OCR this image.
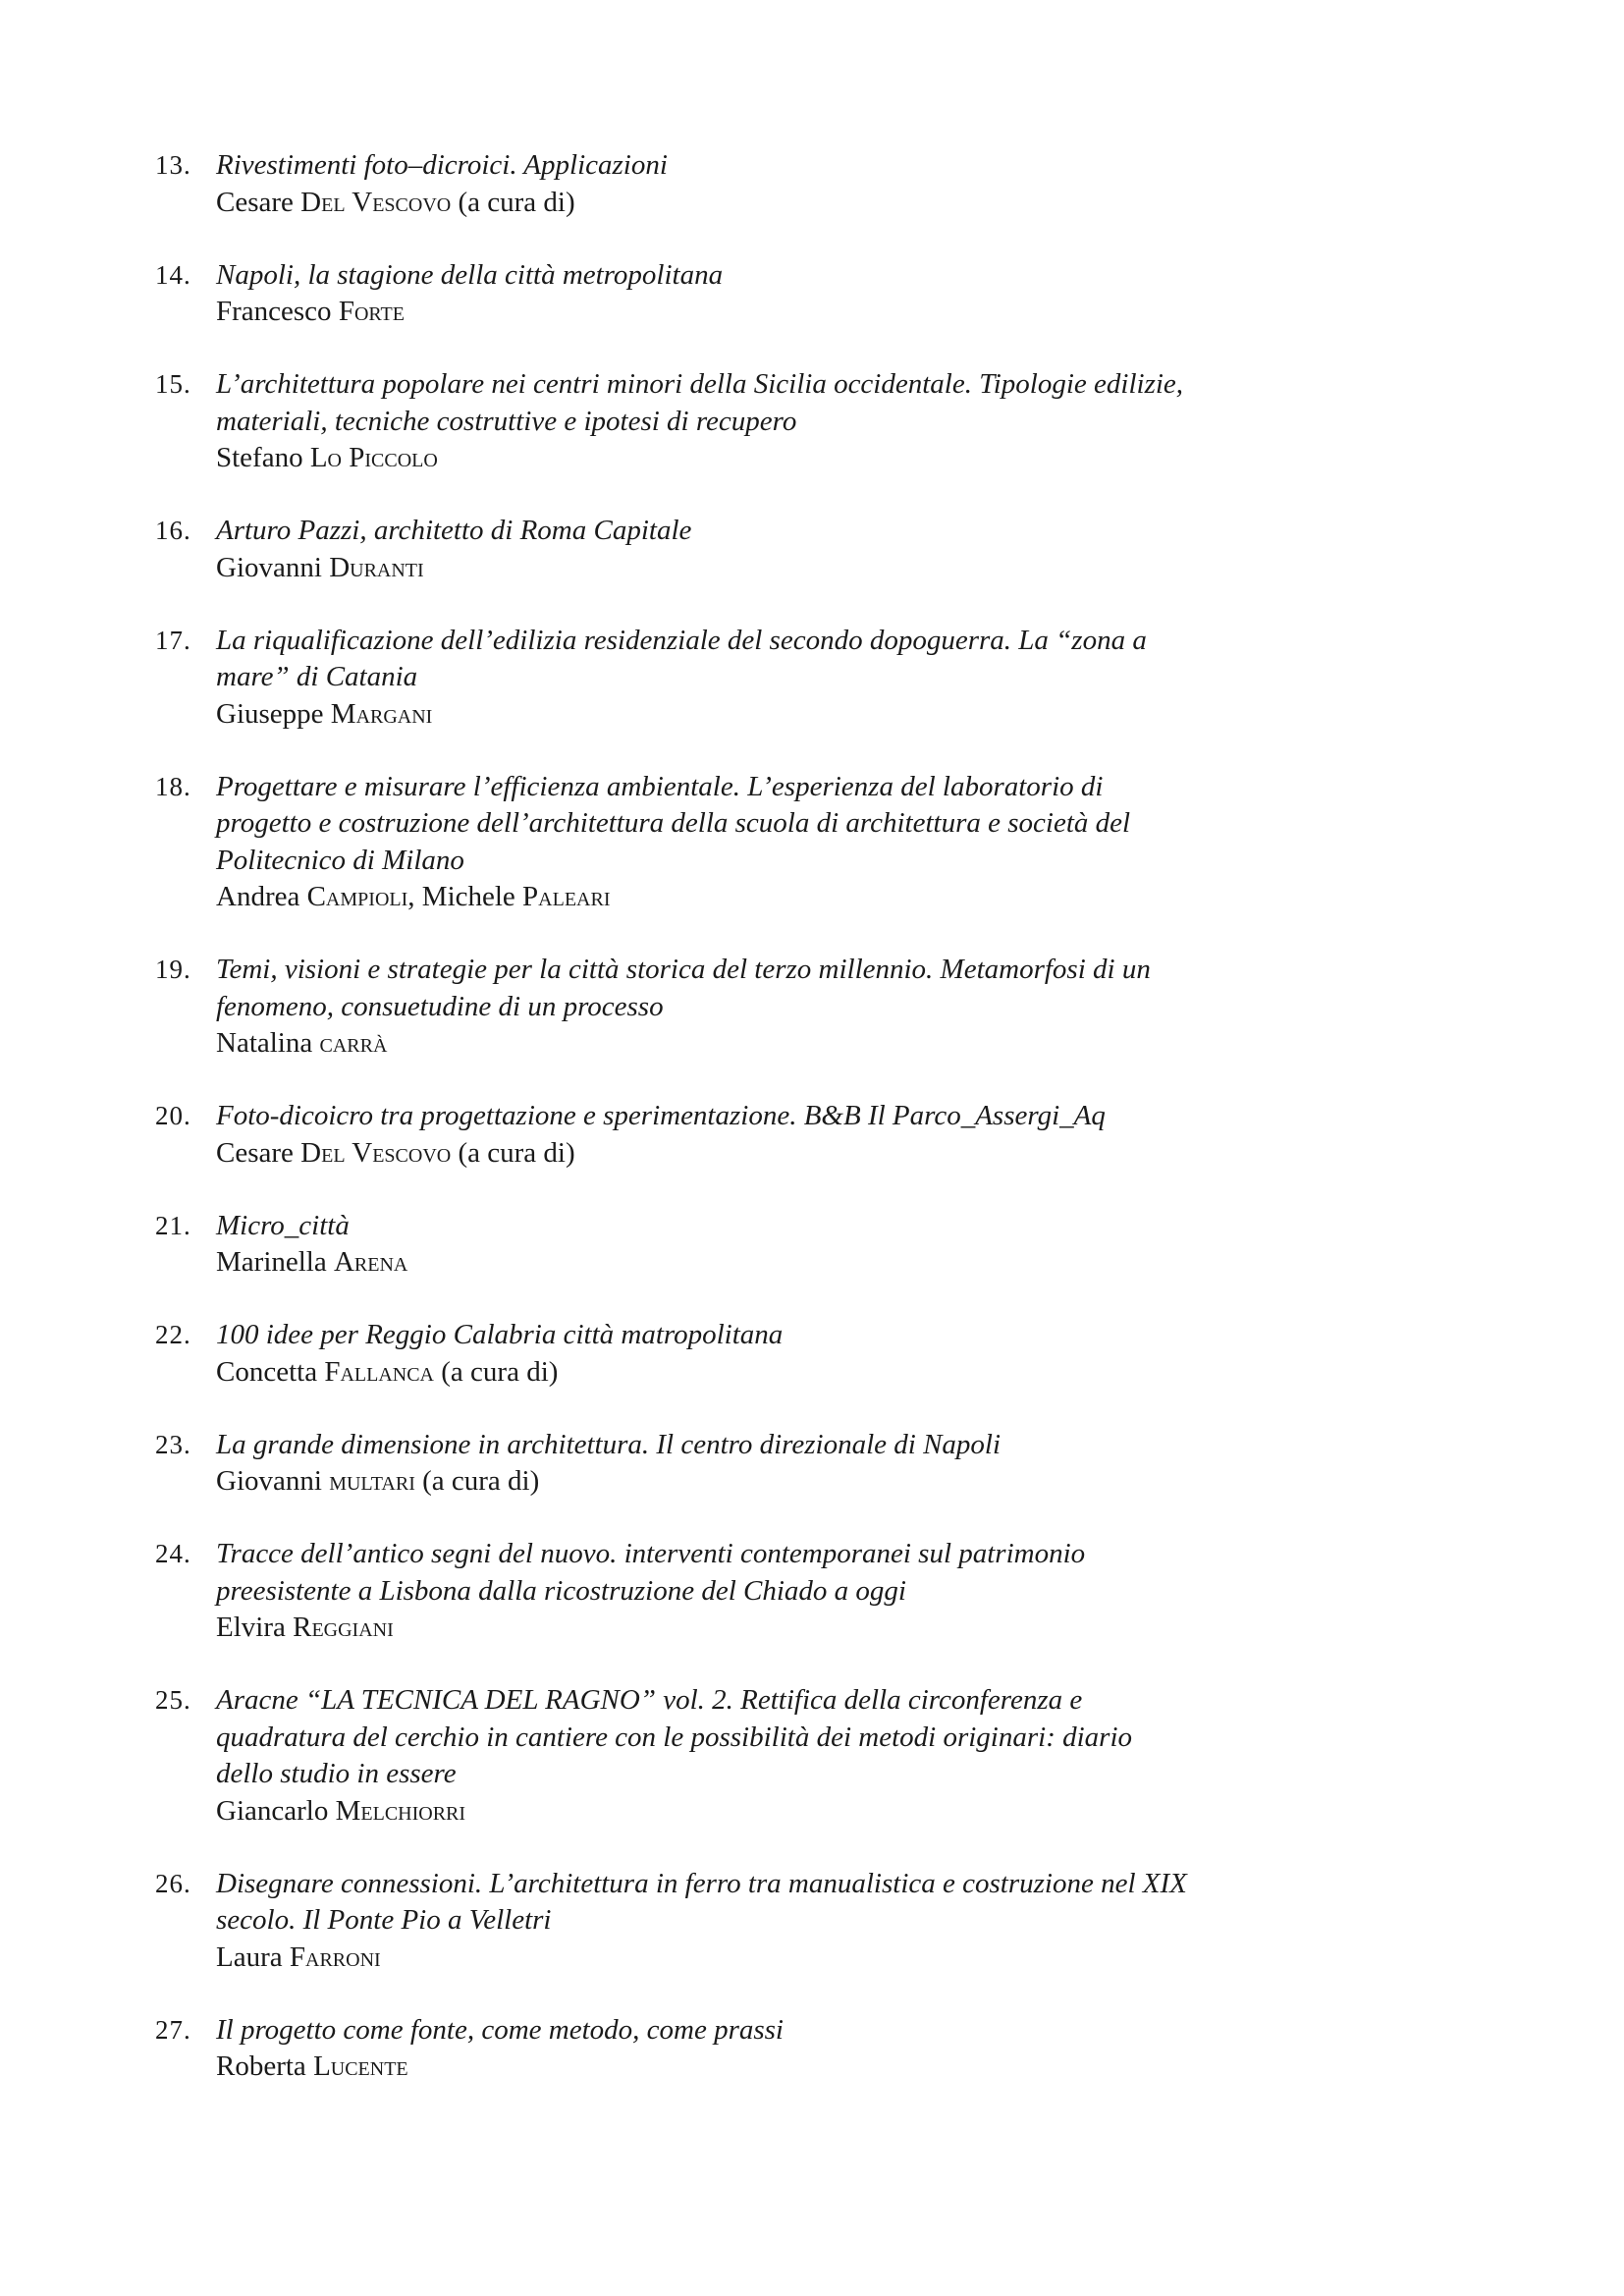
13. Rivestimenti foto–dicroici. Applicazioni
Cesare Del Vescovo (a cura di)
14. Napoli, la stagione della città metropolitana
Francesco Forte
15. L’architettura popolare nei centri minori della Sicilia occidentale. Tipologie edilizie, materiali, tecniche costruttive e ipotesi di recupero
Stefano Lo Piccolo
16. Arturo Pazzi, architetto di Roma Capitale
Giovanni Duranti
17. La riqualificazione dell’edilizia residenziale del secondo dopoguerra. La “zona a mare” di Catania
Giuseppe Margani
18. Progettare e misurare l’efficienza ambientale. L’esperienza del laboratorio di progetto e costruzione dell’architettura della scuola di architettura e società del Politecnico di Milano
Andrea Campioli, Michele Paleari
19. Temi, visioni e strategie per la città storica del terzo millennio. Metamorfosi di un fenomeno, consuetudine di un processo
Natalina carrà
20. Foto-dicoicro tra progettazione e sperimentazione. B&B Il Parco_Assergi_Aq
Cesare Del Vescovo (a cura di)
21. Micro_città
Marinella Arena
22. 100 idee per Reggio Calabria città matropolitana
Concetta Fallanca (a cura di)
23. La grande dimensione in architettura. Il centro direzionale di Napoli
Giovanni multari (a cura di)
24. Tracce dell’antico segni del nuovo. interventi contemporanei sul patrimonio preesistente a Lisbona dalla ricostruzione del Chiado a oggi
Elvira Reggiani
25. Aracne “LA TECNICA DEL RAGNO” vol. 2. Rettifica della circonferenza e quadratura del cerchio in cantiere con le possibilità dei metodi originari: diario dello studio in essere
Giancarlo Melchiorri
26. Disegnare connessioni. L’architettura in ferro tra manualistica e costruzione nel XIX secolo. Il Ponte Pio a Velletri
Laura Farroni
27. Il progetto come fonte, come metodo, come prassi
Roberta Lucente
